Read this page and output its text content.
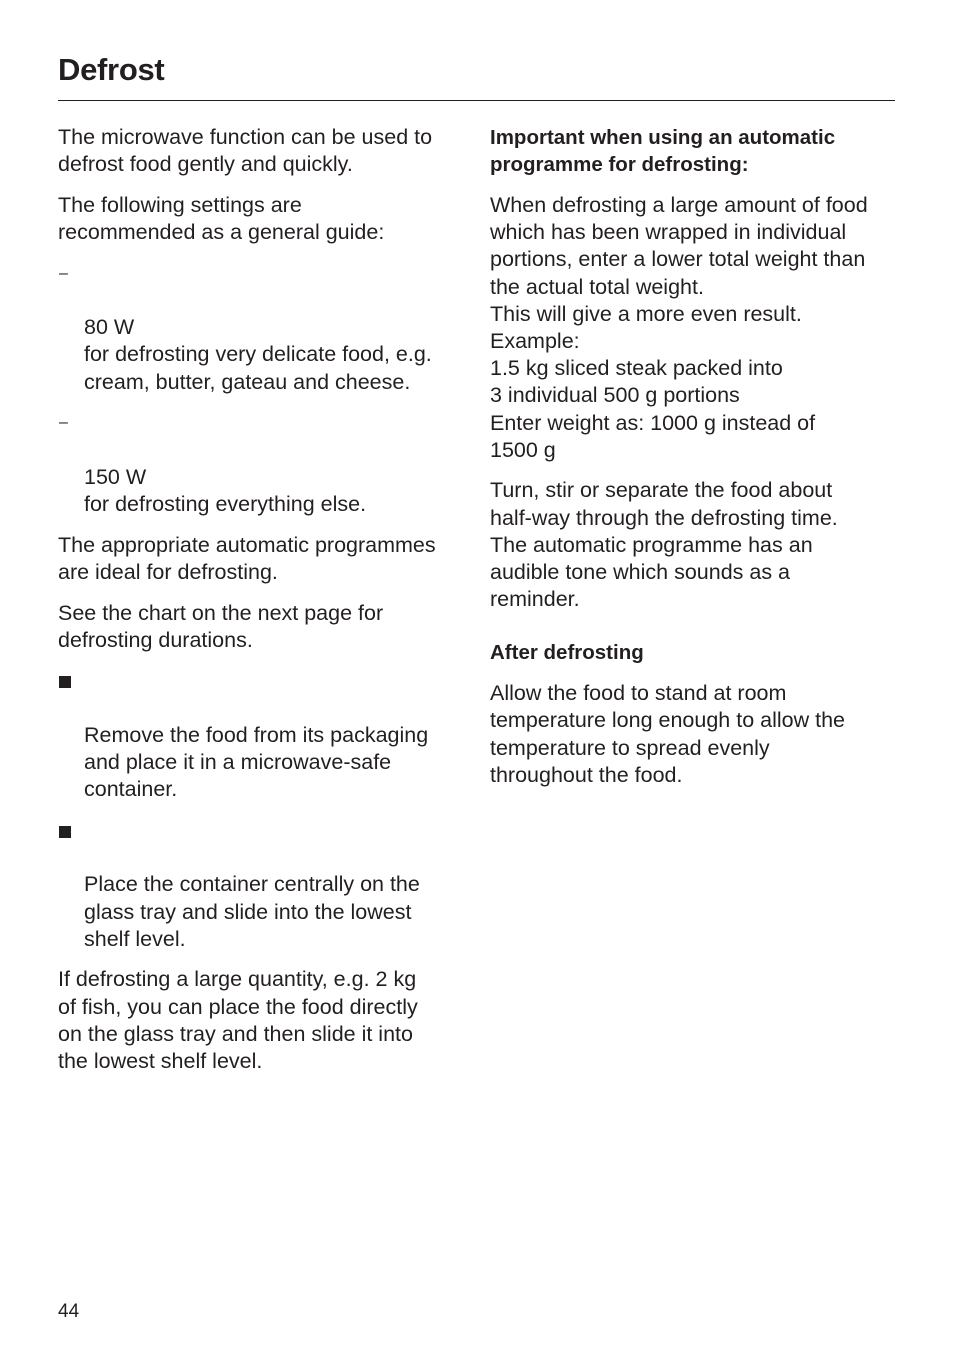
Defrost

The microwave function can be used to
defrost food gently and quickly.

The following settings are
recommended as a general guide:

–

80 W
for defrosting very delicate food, e.g.
cream, butter, gateau and cheese.

–

150 W
for defrosting everything else.

The appropriate automatic programmes
are ideal for defrosting.

See the chart on the next page for
defrosting durations.

Remove the food from its packaging
and place it in a microwave-safe
container.

Place the container centrally on the
glass tray and slide into the lowest
shelf level.

If defrosting a large quantity, e.g. 2 kg
of fish, you can place the food directly
on the glass tray and then slide it into
the lowest shelf level.

Important when using an automatic
programme for defrosting:

When defrosting a large amount of food
which has been wrapped in individual
portions, enter a lower total weight than
the actual total weight.
This will give a more even result.
Example:
1.5 kg sliced steak packed into
3 individual 500 g portions
Enter weight as: 1000 g instead of
1500 g

Turn, stir or separate the food about
half-way through the defrosting time.
The automatic programme has an
audible tone which sounds as a
reminder.

After defrosting

Allow the food to stand at room
temperature long enough to allow the
temperature to spread evenly
throughout the food.

44
